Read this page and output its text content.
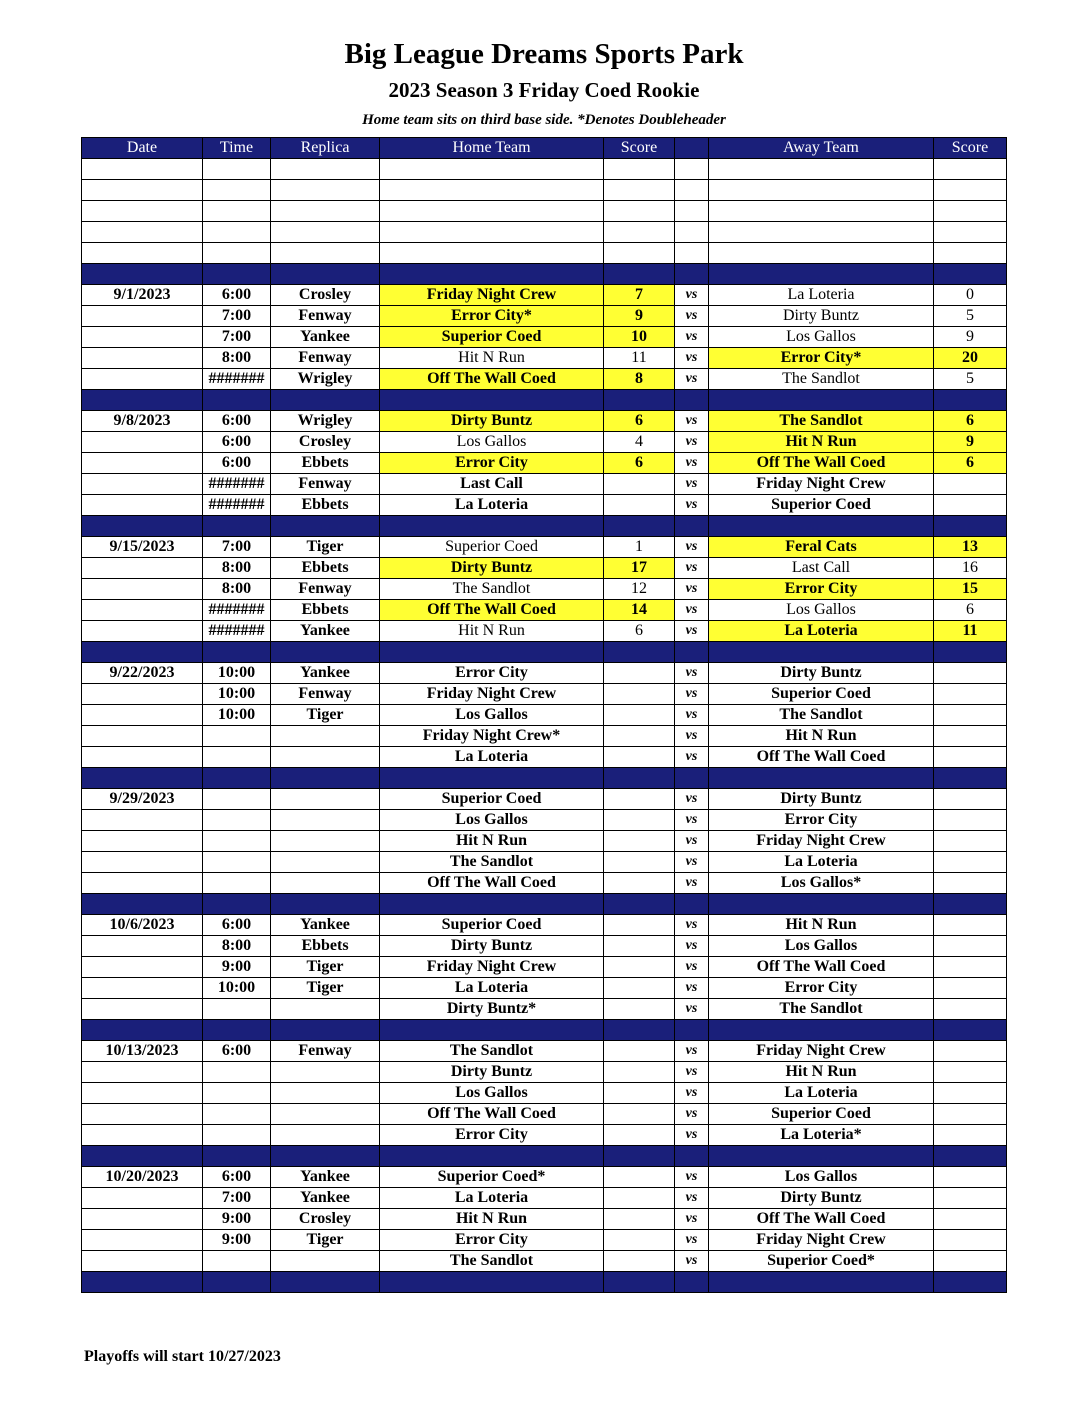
Big League Dreams Sports Park
2023 Season 3 Friday Coed Rookie
Home team sits on third base side. *Denotes Doubleheader
Date	Time	Replica	Home Team	Score		Away Team	Score

9/1/2023	6:00	Crosley	Friday Night Crew	7	vs	La Loteria	0
	7:00	Fenway	Error City*	9	vs	Dirty Buntz	5
	7:00	Yankee	Superior Coed	10	vs	Los Gallos	9
	8:00	Fenway	Hit N Run	11	vs	Error City*	20
	#######	Wrigley	Off The Wall Coed	8	vs	The Sandlot	5

9/8/2023	6:00	Wrigley	Dirty Buntz	6	vs	The Sandlot	6
	6:00	Crosley	Los Gallos	4	vs	Hit N Run	9
	6:00	Ebbets	Error City	6	vs	Off The Wall Coed	6
	#######	Fenway	Last Call		vs	Friday Night Crew	
	#######	Ebbets	La Loteria		vs	Superior Coed	

9/15/2023	7:00	Tiger	Superior Coed	1	vs	Feral Cats	13
	8:00	Ebbets	Dirty Buntz	17	vs	Last Call	16
	8:00	Fenway	The Sandlot	12	vs	Error City	15
	#######	Ebbets	Off The Wall Coed	14	vs	Los Gallos	6
	#######	Yankee	Hit N Run	6	vs	La Loteria	11

9/22/2023	10:00	Yankee	Error City		vs	Dirty Buntz	
	10:00	Fenway	Friday Night Crew		vs	Superior Coed	
	10:00	Tiger	Los Gallos		vs	The Sandlot	
			Friday Night Crew*		vs	Hit N Run	
			La Loteria		vs	Off The Wall Coed	

9/29/2023			Superior Coed		vs	Dirty Buntz	
			Los Gallos		vs	Error City	
			Hit N Run		vs	Friday Night Crew	
			The Sandlot		vs	La Loteria	
			Off The Wall Coed		vs	Los Gallos*	

10/6/2023	6:00	Yankee	Superior Coed		vs	Hit N Run	
	8:00	Ebbets	Dirty Buntz		vs	Los Gallos	
	9:00	Tiger	Friday Night Crew		vs	Off The Wall Coed	
	10:00	Tiger	La Loteria		vs	Error City	
			Dirty Buntz*		vs	The Sandlot	

10/13/2023	6:00	Fenway	The Sandlot		vs	Friday Night Crew	
			Dirty Buntz		vs	Hit N Run	
			Los Gallos		vs	La Loteria	
			Off The Wall Coed		vs	Superior Coed	
			Error City		vs	La Loteria*	

10/20/2023	6:00	Yankee	Superior Coed*		vs	Los Gallos	
	7:00	Yankee	La Loteria		vs	Dirty Buntz	
	9:00	Crosley	Hit N Run		vs	Off The Wall Coed	
	9:00	Tiger	Error City		vs	Friday Night Crew	
			The Sandlot		vs	Superior Coed*	

Playoffs will start 10/27/2023
